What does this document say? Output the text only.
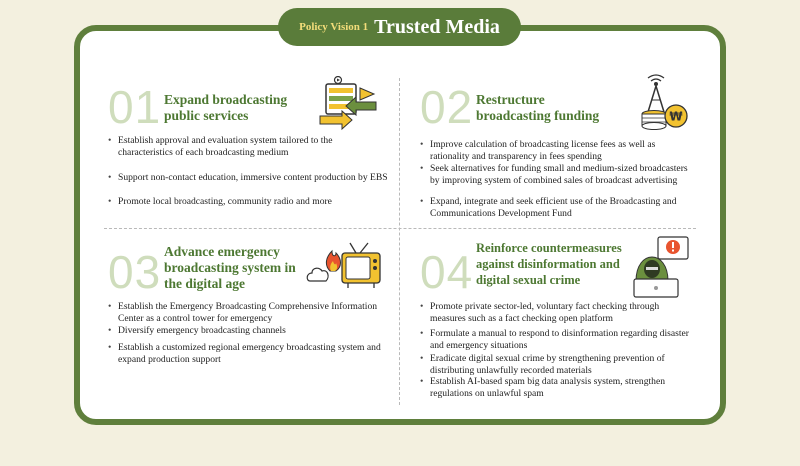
Policy Vision 1 Trusted Media
01 Expand broadcasting
public services
• Establish approval and evaluation system tailored to the characteristics of each broadcasting medium
• Support non-contact education, immersive content production by EBS
• Promote local broadcasting, community radio and more
02 Restructure
broadcasting funding	₩
• Improve calculation of broadcasting license fees as well as rationality and transparency in fees spending
• Seek alternatives for funding small and medium-sized broadcasters by improving system of combined sales of broadcast advertising
• Expand, integrate and seek efficient use of the Broadcasting and Communications Development Fund
03 Advance emergency
broadcasting system in
the digital age
• Establish the Emergency Broadcasting Comprehensive Information Center as a control tower for emergency
• Diversify emergency broadcasting channels
• Establish a customized regional emergency broadcasting system and expand production support
04 Reinforce countermeasures
against disinformation and
digital sexual crime
• Promote private sector-led, voluntary fact checking through measures such as a fact checking open platform
• Formulate a manual to respond to disinformation regarding disaster and emergency situations
• Eradicate digital sexual crime by strengthening prevention of distributing unlawfully recorded materials
• Establish AI-based spam big data analysis system, strengthen regulations on unlawful spam
